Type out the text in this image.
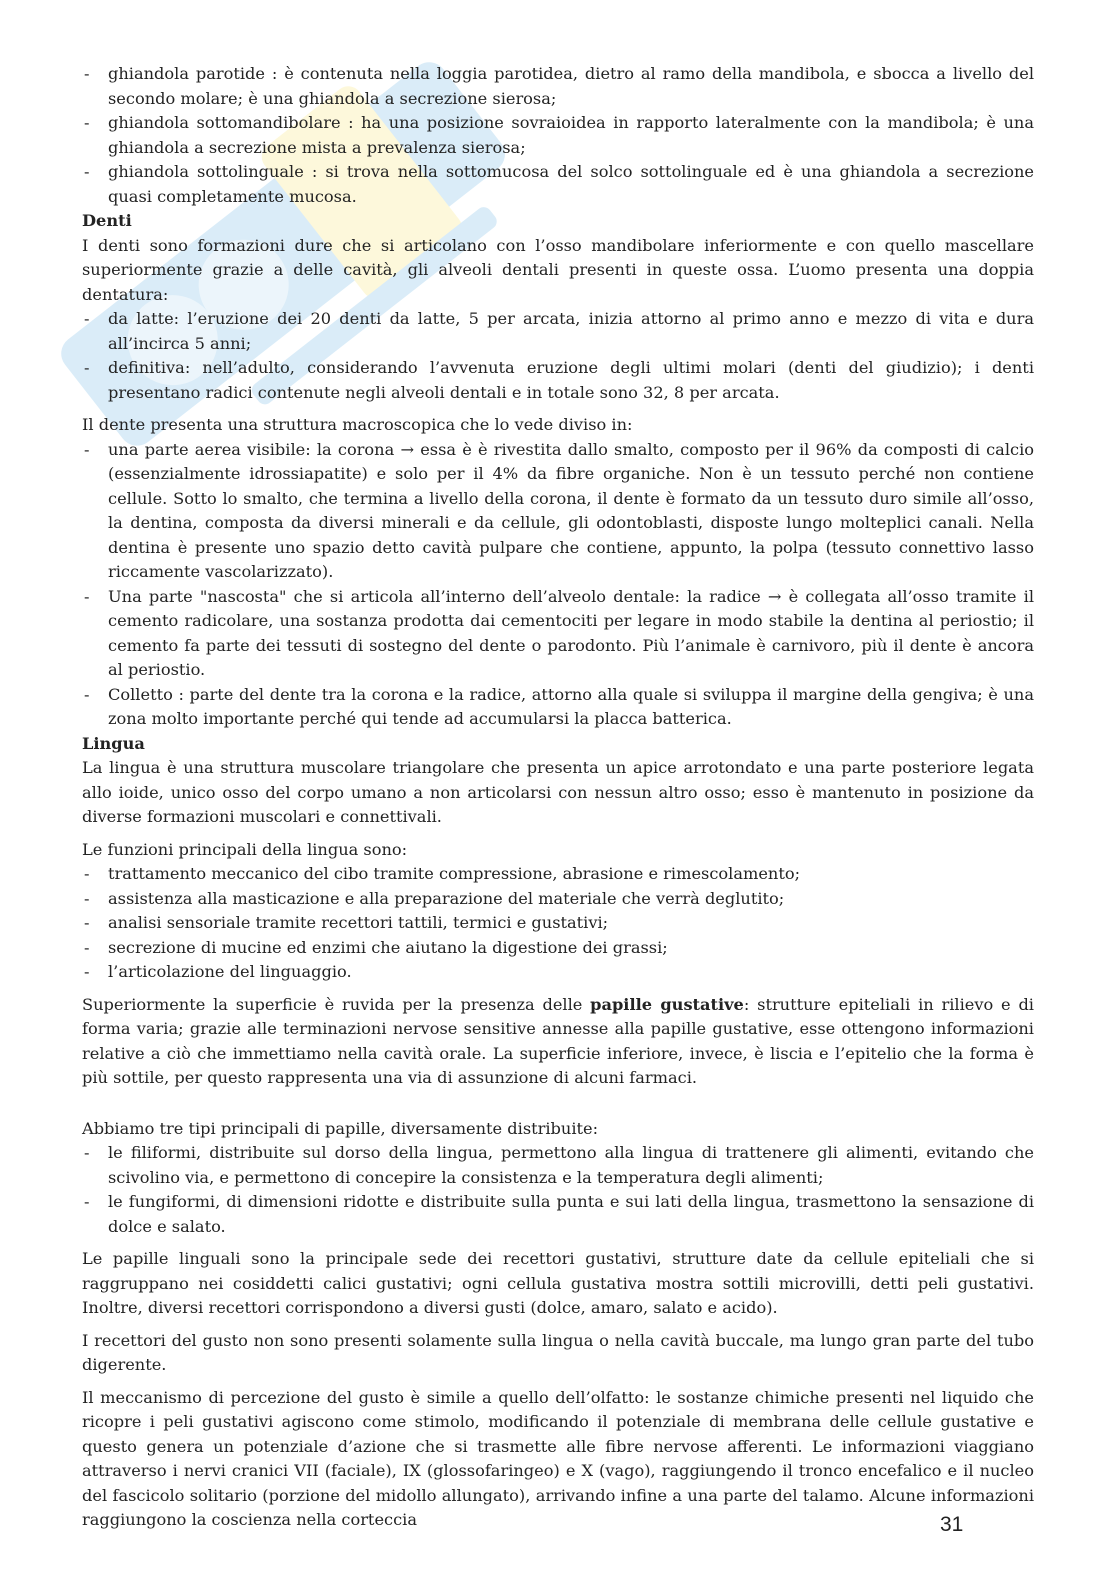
- ghiandola parotide : è contenuta nella loggia parotidea, dietro al ramo della mandibola, e sbocca a livello del secondo molare; è una ghiandola a secrezione sierosa;
- ghiandola sottomandibolare : ha una posizione sovraioidea in rapporto lateralmente con la mandibola; è una ghiandola a secrezione mista a prevalenza sierosa;
- ghiandola sottolinguale : si trova nella sottomucosa del solco sottolinguale ed è una ghiandola a secrezione quasi completamente mucosa.

Denti

I denti sono formazioni dure che si articolano con l’osso mandibolare inferiormente e con quello mascellare superiormente grazie a delle cavità, gli alveoli dentali presenti in queste ossa. L’uomo presenta una doppia dentatura:

- da latte: l’eruzione dei 20 denti da latte, 5 per arcata, inizia attorno al primo anno e mezzo di vita e dura all’incirca 5 anni;
- definitiva: nell’adulto, considerando l’avvenuta eruzione degli ultimi molari (denti del giudizio); i denti presentano radici contenute negli alveoli dentali e in totale sono 32, 8 per arcata.

Il dente presenta una struttura macroscopica che lo vede diviso in:

- una parte aerea visibile: la corona → essa è è rivestita dallo smalto, composto per il 96% da composti di calcio (essenzialmente idrossiapatite) e solo per il 4% da fibre organiche. Non è un tessuto perché non contiene cellule. Sotto lo smalto, che termina a livello della corona, il dente è formato da un tessuto duro simile all’osso, la dentina, composta da diversi minerali e da cellule, gli odontoblasti, disposte lungo molteplici canali. Nella dentina è presente uno spazio detto cavità pulpare che contiene, appunto, la polpa (tessuto connettivo lasso riccamente vascolarizzato).
- Una parte "nascosta" che si articola all’interno dell’alveolo dentale: la radice → è collegata all’osso tramite il cemento radicolare, una sostanza prodotta dai cementociti per legare in modo stabile la dentina al periostio; il cemento fa parte dei tessuti di sostegno del dente o parodonto. Più l’animale è carnivoro, più il dente è ancora al periostio.
- Colletto : parte del dente tra la corona e la radice, attorno alla quale si sviluppa il margine della gengiva; è una zona molto importante perché qui tende ad accumularsi la placca batterica.

Lingua

La lingua è una struttura muscolare triangolare che presenta un apice arrotondato e una parte posteriore legata allo ioide, unico osso del corpo umano a non articolarsi con nessun altro osso; esso è mantenuto in posizione da diverse formazioni muscolari e connettivali.

Le funzioni principali della lingua sono:

- trattamento meccanico del cibo tramite compressione, abrasione e rimescolamento;
- assistenza alla masticazione e alla preparazione del materiale che verrà deglutito;
- analisi sensoriale tramite recettori tattili, termici e gustativi;
- secrezione di mucine ed enzimi che aiutano la digestione dei grassi;
- l’articolazione del linguaggio.

Superiormente la superficie è ruvida per la presenza delle papille gustative: strutture epiteliali in rilievo e di forma varia; grazie alle terminazioni nervose sensitive annesse alla papille gustative, esse ottengono informazioni relative a ciò che immettiamo nella cavità orale. La superficie inferiore, invece, è liscia e l’epitelio che la forma è più sottile, per questo rappresenta una via di assunzione di alcuni farmaci.

Abbiamo tre tipi principali di papille, diversamente distribuite:

- le filiformi, distribuite sul dorso della lingua, permettono alla lingua di trattenere gli alimenti, evitando che scivolino via, e permettono di concepire la consistenza e la temperatura degli alimenti;
- le fungiformi, di dimensioni ridotte e distribuite sulla punta e sui lati della lingua, trasmettono la sensazione di dolce e salato.

Le papille linguali sono la principale sede dei recettori gustativi, strutture date da cellule epiteliali che si raggruppano nei cosiddetti calici gustativi; ogni cellula gustativa mostra sottili microvilli, detti peli gustativi. Inoltre, diversi recettori corrispondono a diversi gusti (dolce, amaro, salato e acido).

I recettori del gusto non sono presenti solamente sulla lingua o nella cavità buccale, ma lungo gran parte del tubo digerente.

Il meccanismo di percezione del gusto è simile a quello dell’olfatto: le sostanze chimiche presenti nel liquido che ricopre i peli gustativi agiscono come stimolo, modificando il potenziale di membrana delle cellule gustative e questo genera un potenziale d’azione che si trasmette alle fibre nervose afferenti. Le informazioni viaggiano attraverso i nervi cranici VII (faciale), IX (glossofaringeo) e X (vago), raggiungendo il tronco encefalico e il nucleo del fascicolo solitario (porzione del midollo allungato), arrivando infine a una parte del talamo. Alcune informazioni raggiungono la coscienza nella corteccia	31
